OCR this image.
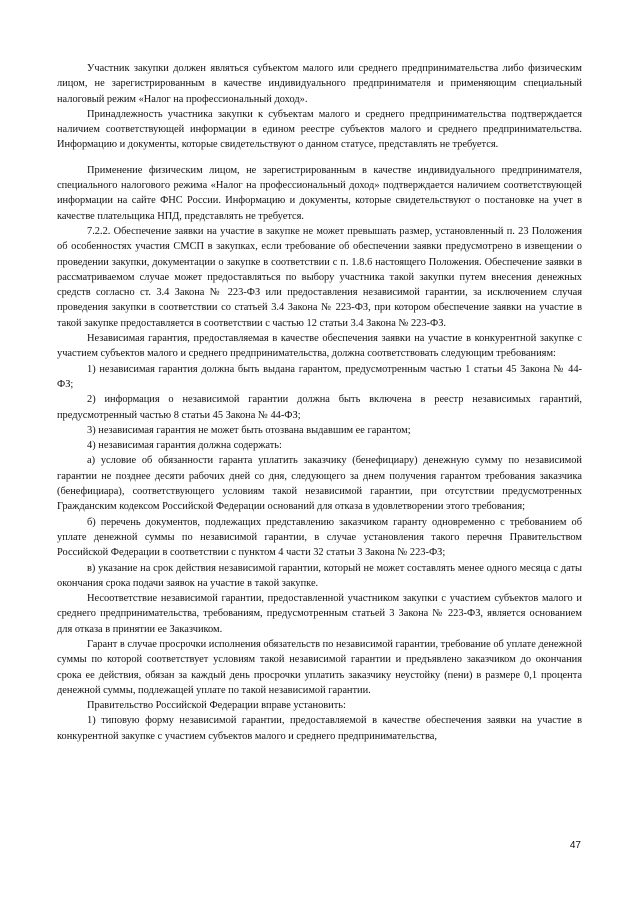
Участник закупки должен являться субъектом малого или среднего предпринимательства либо физическим лицом, не зарегистрированным в качестве индивидуального предпринимателя и применяющим специальный налоговый режим «Налог на профессиональный доход».

Принадлежность участника закупки к субъектам малого и среднего предпринимательства подтверждается наличием соответствующей информации в едином реестре субъектов малого и среднего предпринимательства. Информацию и документы, которые свидетельствуют о данном статусе, представлять не требуется.

Применение физическим лицом, не зарегистрированным в качестве индивидуального предпринимателя, специального налогового режима «Налог на профессиональный доход» подтверждается наличием соответствующей информации на сайте ФНС России. Информацию и документы, которые свидетельствуют о постановке на учет в качестве плательщика НПД, представлять не требуется.

7.2.2. Обеспечение заявки на участие в закупке не может превышать размер, установленный п. 23 Положения об особенностях участия СМСП в закупках, если требование об обеспечении заявки предусмотрено в извещении о проведении закупки, документации о закупке в соответствии с п. 1.8.6 настоящего Положения. Обеспечение заявки в рассматриваемом случае может предоставляться по выбору участника такой закупки путем внесения денежных средств согласно ст. 3.4 Закона № 223-ФЗ или предоставления независимой гарантии, за исключением случая проведения закупки в соответствии со статьей 3.4 Закона № 223-ФЗ, при котором обеспечение заявки на участие в такой закупке предоставляется в соответствии с частью 12 статьи 3.4 Закона № 223-ФЗ.

Независимая гарантия, предоставляемая в качестве обеспечения заявки на участие в конкурентной закупке с участием субъектов малого и среднего предпринимательства, должна соответствовать следующим требованиям:

1) независимая гарантия должна быть выдана гарантом, предусмотренным частью 1 статьи 45 Закона № 44-ФЗ;

2) информация о независимой гарантии должна быть включена в реестр независимых гарантий, предусмотренный частью 8 статьи 45 Закона № 44-ФЗ;

3) независимая гарантия не может быть отозвана выдавшим ее гарантом;

4) независимая гарантия должна содержать:

а) условие об обязанности гаранта уплатить заказчику (бенефициару) денежную сумму по независимой гарантии не позднее десяти рабочих дней со дня, следующего за днем получения гарантом требования заказчика (бенефициара), соответствующего условиям такой независимой гарантии, при отсутствии предусмотренных Гражданским кодексом Российской Федерации оснований для отказа в удовлетворении этого требования;

б) перечень документов, подлежащих представлению заказчиком гаранту одновременно с требованием об уплате денежной суммы по независимой гарантии, в случае установления такого перечня Правительством Российской Федерации в соответствии с пунктом 4 части 32 статьи 3 Закона № 223-ФЗ;

в) указание на срок действия независимой гарантии, который не может составлять менее одного месяца с даты окончания срока подачи заявок на участие в такой закупке.

Несоответствие независимой гарантии, предоставленной участником закупки с участием субъектов малого и среднего предпринимательства, требованиям, предусмотренным статьей 3 Закона № 223-ФЗ, является основанием для отказа в принятии ее Заказчиком.

Гарант в случае просрочки исполнения обязательств по независимой гарантии, требование об уплате денежной суммы по которой соответствует условиям такой независимой гарантии и предъявлено заказчиком до окончания срока ее действия, обязан за каждый день просрочки уплатить заказчику неустойку (пени) в размере 0,1 процента денежной суммы, подлежащей уплате по такой независимой гарантии.

Правительство Российской Федерации вправе установить:

1) типовую форму независимой гарантии, предоставляемой в качестве обеспечения заявки на участие в конкурентной закупке с участием субъектов малого и среднего предпринимательства,

47
